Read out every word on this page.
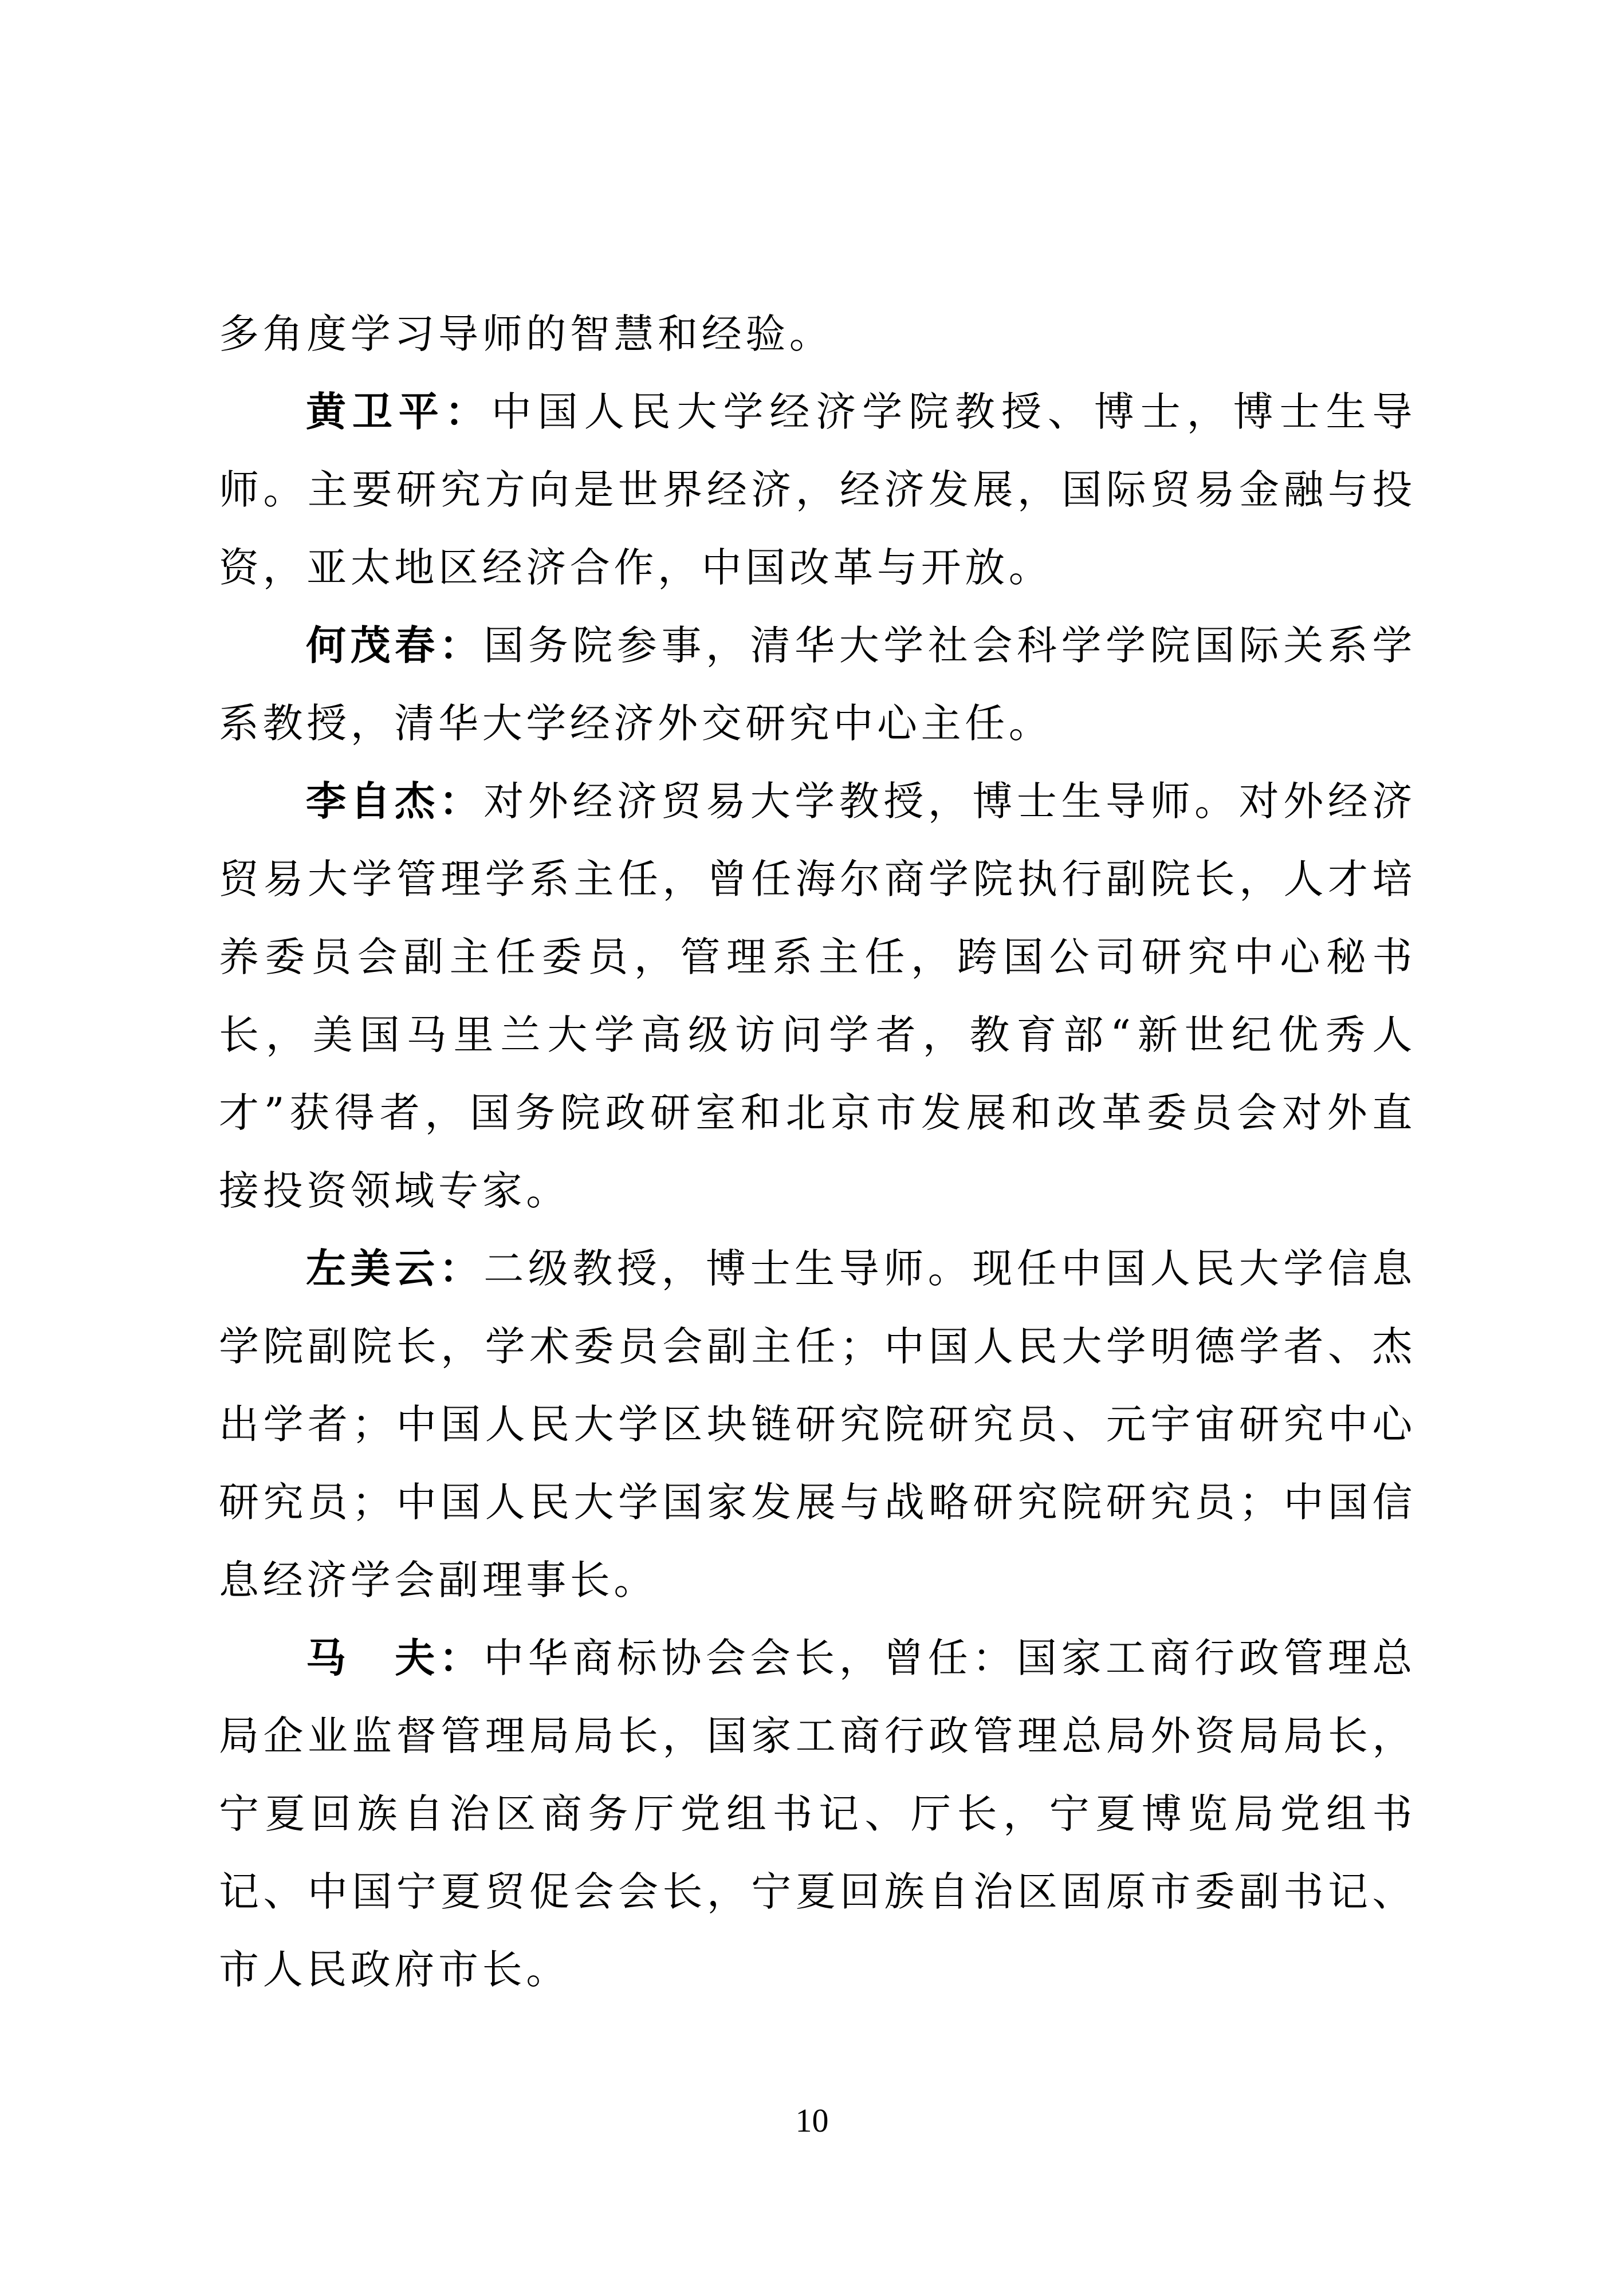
多角度学习导师的智慧和经验。

黄卫平：中国人民大学经济学院教授、博士，博士生导师。主要研究方向是世界经济，经济发展，国际贸易金融与投资，亚太地区经济合作，中国改革与开放。

何茂春：国务院参事，清华大学社会科学学院国际关系学系教授，清华大学经济外交研究中心主任。

李自杰：对外经济贸易大学教授，博士生导师。对外经济贸易大学管理学系主任，曾任海尔商学院执行副院长，人才培养委员会副主任委员，管理系主任，跨国公司研究中心秘书长，美国马里兰大学高级访问学者，教育部“新世纪优秀人才”获得者，国务院政研室和北京市发展和改革委员会对外直接投资领域专家。

左美云：二级教授，博士生导师。现任中国人民大学信息学院副院长，学术委员会副主任；中国人民大学明德学者、杰出学者；中国人民大学区块链研究院研究员、元宇宙研究中心研究员；中国人民大学国家发展与战略研究院研究员；中国信息经济学会副理事长。

马　夫：中华商标协会会长，曾任：国家工商行政管理总局企业监督管理局局长，国家工商行政管理总局外资局局长，宁夏回族自治区商务厅党组书记、厅长，宁夏博览局党组书记、中国宁夏贸促会会长，宁夏回族自治区固原市委副书记、市人民政府市长。

10
